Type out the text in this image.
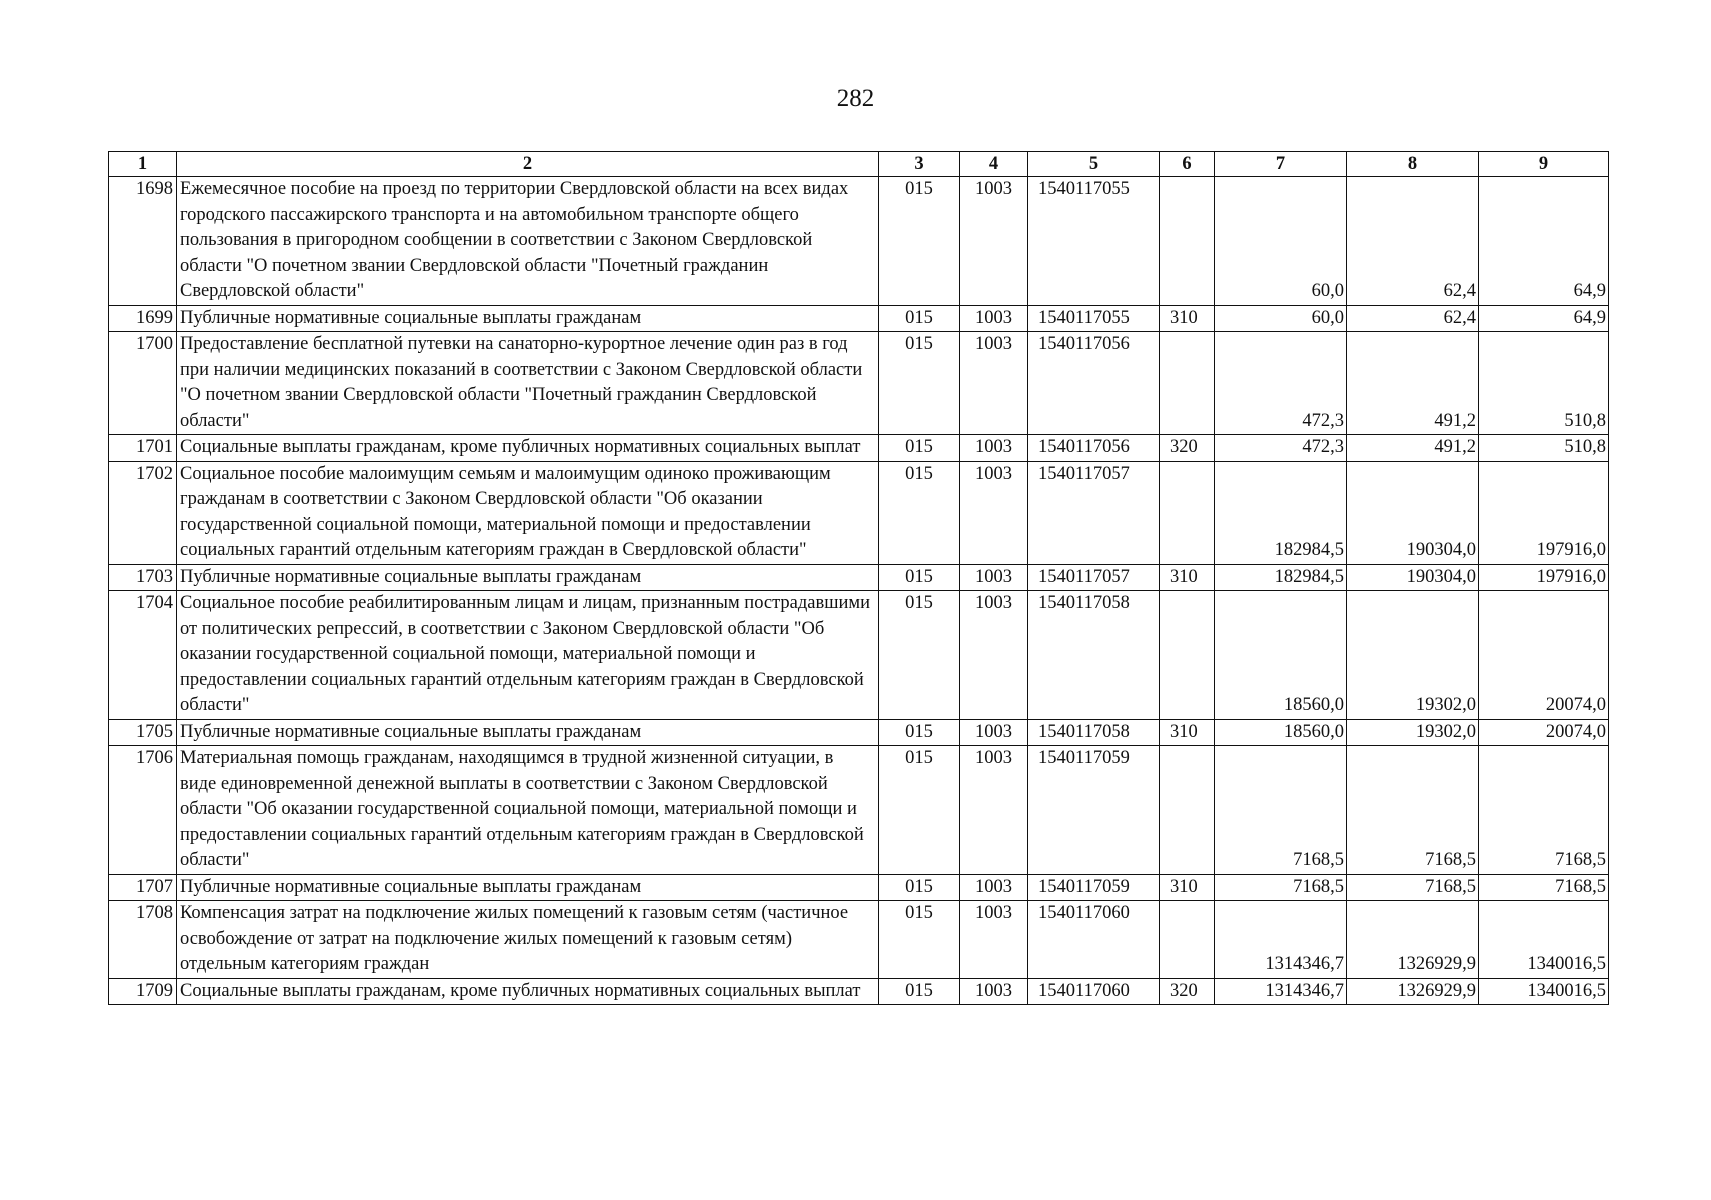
282
1	2	3	4	5	6	7	8	9
1698	Ежемесячное пособие на проезд по территории Свердловской области на всех видах городского пассажирского транспорта и на автомобильном транспорте общего пользования в пригородном сообщении в соответствии с Законом Свердловской области "О почетном звании Свердловской области "Почетный гражданин Свердловской области"	015	1003	1540117055		60,0	62,4	64,9
1699	Публичные нормативные социальные выплаты гражданам	015	1003	1540117055	310	60,0	62,4	64,9
1700	Предоставление бесплатной путевки на санаторно-курортное лечение один раз в год при наличии медицинских показаний в соответствии с Законом Свердловской области "О почетном звании Свердловской области "Почетный гражданин Свердловской области"	015	1003	1540117056		472,3	491,2	510,8
1701	Социальные выплаты гражданам, кроме публичных нормативных социальных выплат	015	1003	1540117056	320	472,3	491,2	510,8
1702	Социальное пособие малоимущим семьям и малоимущим одиноко проживающим гражданам в соответствии с Законом Свердловской области "Об оказании государственной социальной помощи, материальной помощи и предоставлении социальных гарантий отдельным категориям граждан в Свердловской области"	015	1003	1540117057		182984,5	190304,0	197916,0
1703	Публичные нормативные социальные выплаты гражданам	015	1003	1540117057	310	182984,5	190304,0	197916,0
1704	Социальное пособие реабилитированным лицам и лицам, признанным пострадавшими от политических репрессий, в соответствии с Законом Свердловской области "Об оказании государственной социальной помощи, материальной помощи и предоставлении социальных гарантий отдельным категориям граждан в Свердловской области"	015	1003	1540117058		18560,0	19302,0	20074,0
1705	Публичные нормативные социальные выплаты гражданам	015	1003	1540117058	310	18560,0	19302,0	20074,0
1706	Материальная помощь гражданам, находящимся в трудной жизненной ситуации, в виде единовременной денежной выплаты в соответствии с Законом Свердловской области "Об оказании государственной социальной помощи, материальной помощи и предоставлении социальных гарантий отдельным категориям граждан в Свердловской области"	015	1003	1540117059		7168,5	7168,5	7168,5
1707	Публичные нормативные социальные выплаты гражданам	015	1003	1540117059	310	7168,5	7168,5	7168,5
1708	Компенсация затрат на подключение жилых помещений к газовым сетям (частичное освобождение от затрат на подключение жилых помещений к газовым сетям) отдельным категориям граждан	015	1003	1540117060		1314346,7	1326929,9	1340016,5
1709	Социальные выплаты гражданам, кроме публичных нормативных социальных выплат	015	1003	1540117060	320	1314346,7	1326929,9	1340016,5
